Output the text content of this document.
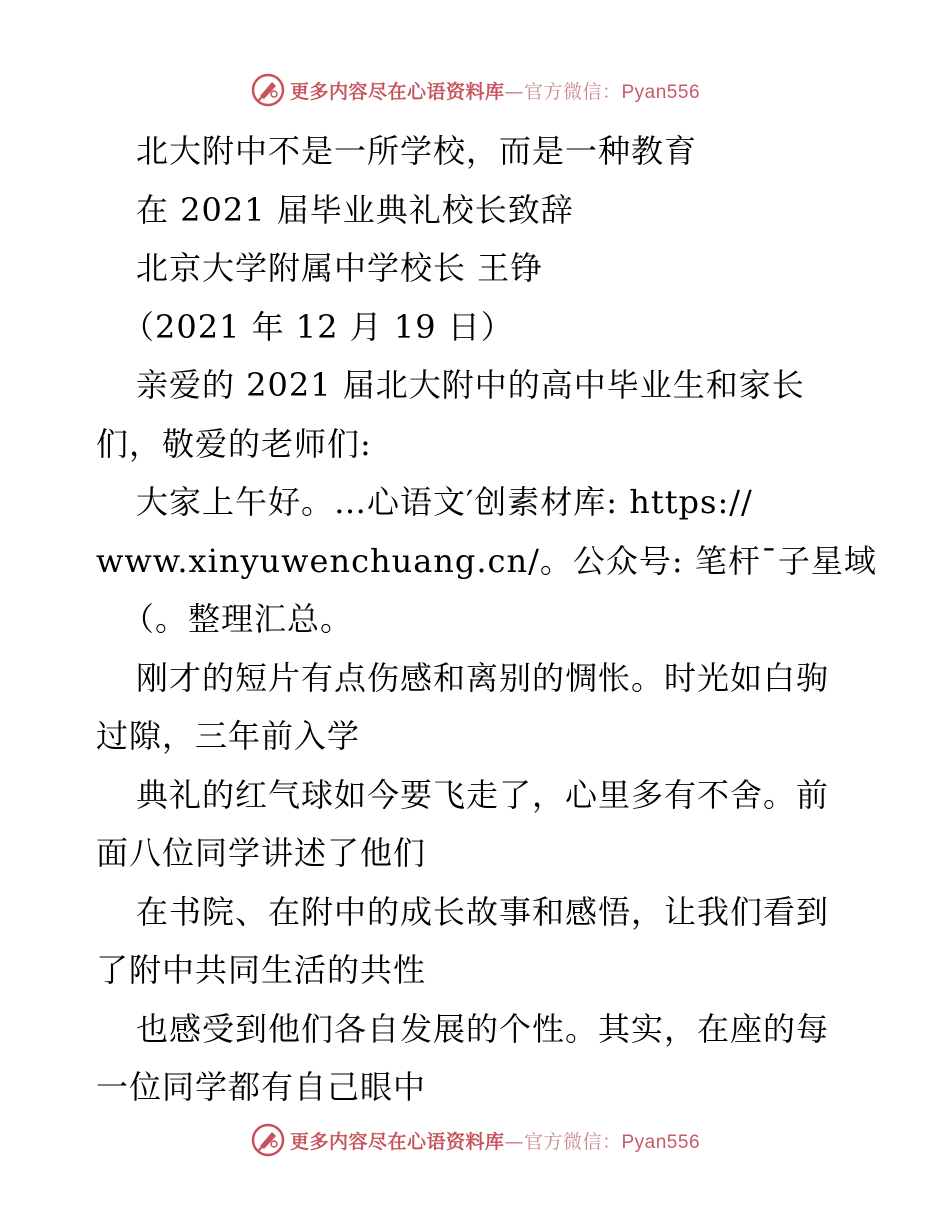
更多内容尽在心语资料库—官方微信：Pyan556
北大附中不是一所学校，而是一种教育
在 2021 届毕业典礼校长致辞
北京大学附属中学校长 王铮
（2021 年 12 月 19 日）
亲爱的 2021 届北大附中的高中毕业生和家长
们，敬爱的老师们:
大家上午好。…心语文′创素材库: https://
www.xinyuwenchuang.cn/。公众号: 笔杆¯子星域
（。整理汇总。
刚才的短片有点伤感和离别的惆怅。时光如白驹
过隙，三年前入学
典礼的红气球如今要飞走了，心里多有不舍。前
面八位同学讲述了他们
在书院、在附中的成长故事和感悟，让我们看到
了附中共同生活的共性
也感受到他们各自发展的个性。其实，在座的每
一位同学都有自己眼中
更多内容尽在心语资料库—官方微信：Pyan556
